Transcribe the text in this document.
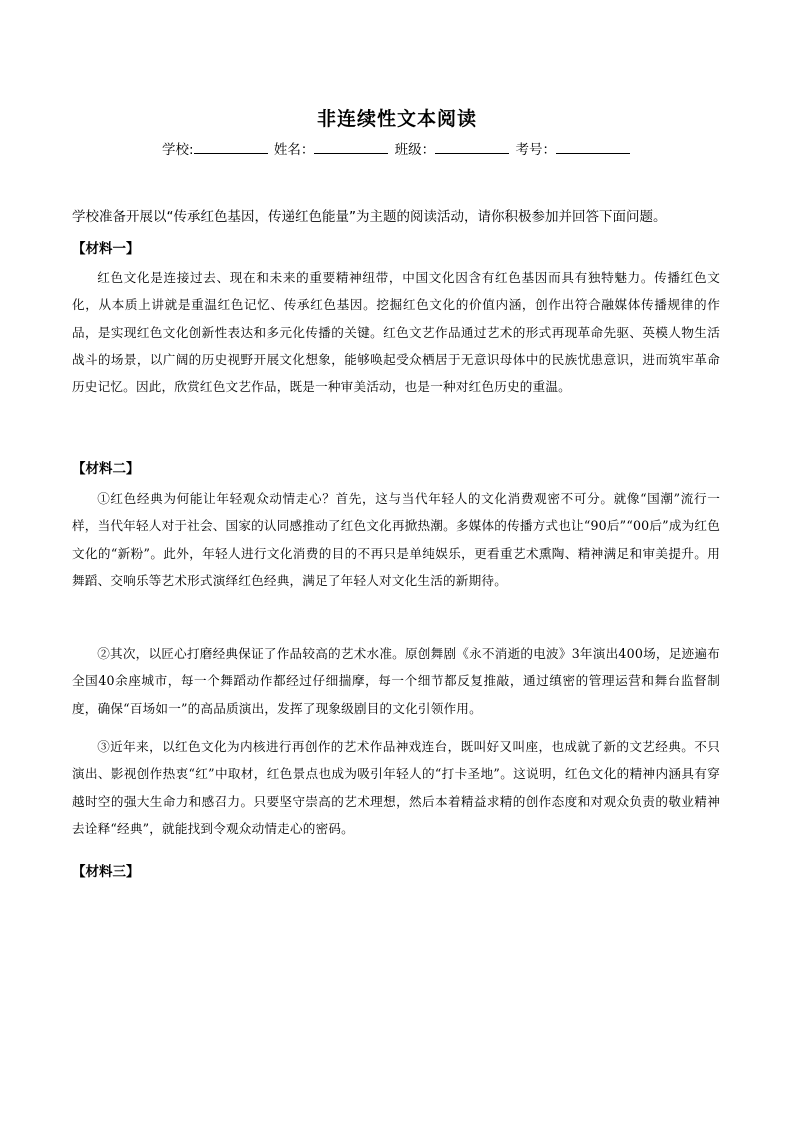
非连续性文本阅读
学校:	姓名：	班级：	考号：
学校准备开展以“传承红色基因，传递红色能量”为主题的阅读活动，请你积极参加并回答下面问题。
【材料一】

红色文化是连接过去、现在和未来的重要精神纽带，中国文化因含有红色基因而具有独特魅力。传播红色文化，从本质上讲就是重温红色记忆、传承红色基因。挖掘红色文化的价值内涵，创作出符合融媒体传播规律的作品，是实现红色文化创新性表达和多元化传播的关键。红色文艺作品通过艺术的形式再现革命先驱、英模人物生活战斗的场景，以广阔的历史视野开展文化想象，能够唤起受众栖居于无意识母体中的民族忧患意识，进而筑牢革命历史记忆。因此，欣赏红色文艺作品，既是一种审美活动，也是一种对红色历史的重温。

【材料二】

①红色经典为何能让年轻观众动情走心？首先，这与当代年轻人的文化消费观密不可分。就像“国潮”流行一样，当代年轻人对于社会、国家的认同感推动了红色文化再掀热潮。多媒体的传播方式也让“90后”“00后”成为红色文化的“新粉”。此外，年轻人进行文化消费的目的不再只是单纯娱乐，更看重艺术熏陶、精神满足和审美提升。用舞蹈、交响乐等艺术形式演绎红色经典，满足了年轻人对文化生活的新期待。

②其次，以匠心打磨经典保证了作品较高的艺术水准。原创舞剧《永不消逝的电波》3年演出400场，足迹遍布全国40余座城市，每一个舞蹈动作都经过仔细揣摩，每一个细节都反复推敲，通过缜密的管理运营和舞台监督制度，确保“百场如一”的高品质演出，发挥了现象级剧目的文化引领作用。

③近年来，以红色文化为内核进行再创作的艺术作品神戏连台，既叫好又叫座，也成就了新的文艺经典。不只演出、影视创作热衷“红”中取材，红色景点也成为吸引年轻人的“打卡圣地”。这说明，红色文化的精神内涵具有穿越时空的强大生命力和感召力。只要坚守崇高的艺术理想，然后本着精益求精的创作态度和对观众负责的敬业精神去诠释“经典”，就能找到令观众动情走心的密码。

【材料三】
